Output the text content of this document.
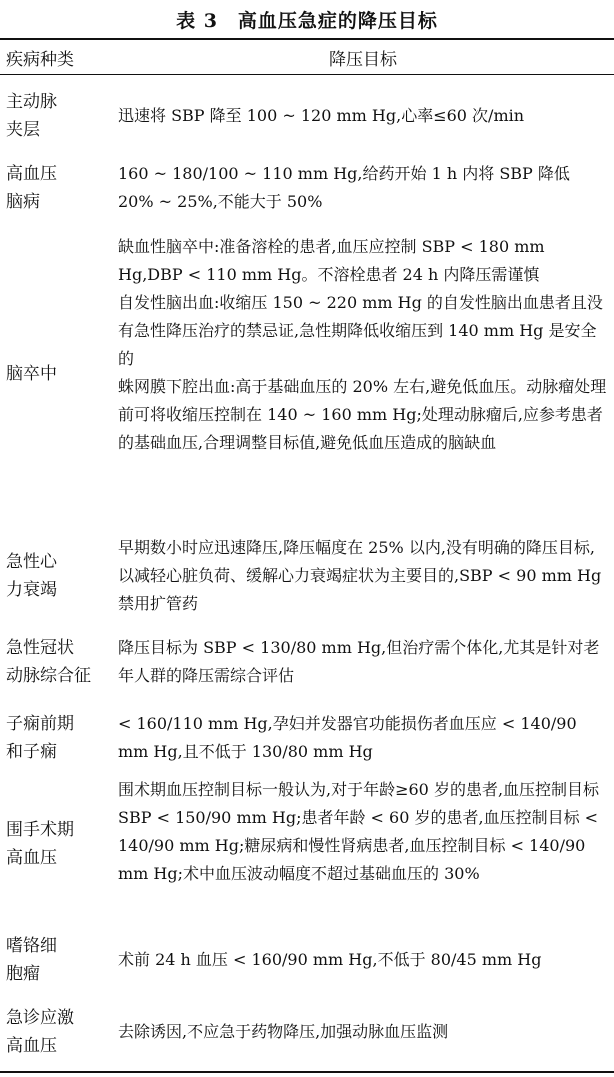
表 3　高血压急症的降压目标
疾病种类	降压目标
主动脉
夹层

迅速将 SBP 降至 100 ~ 120 mm Hg,心率≤60 次/min

高血压
脑病

160 ~ 180/100 ~ 110 mm Hg,给药开始 1 h 内将 SBP 降低 20% ~ 25%,不能大于 50%

脑卒中

缺血性脑卒中:准备溶栓的患者,血压应控制 SBP < 180 mm Hg,DBP < 110 mm Hg。不溶栓患者 24 h 内降压需谨慎

自发性脑出血:收缩压 150 ~ 220 mm Hg 的自发性脑出血患者且没有急性降压治疗的禁忌证,急性期降低收缩压到 140 mm Hg 是安全的

蛛网膜下腔出血:高于基础血压的 20% 左右,避免低血压。动脉瘤处理前可将收缩压控制在 140 ~ 160 mm Hg;处理动脉瘤后,应参考患者的基础血压,合理调整目标值,避免低血压造成的脑缺血

急性心
力衰竭

早期数小时应迅速降压,降压幅度在 25% 以内,没有明确的降压目标,以减轻心脏负荷、缓解心力衰竭症状为主要目的,SBP < 90 mm Hg 禁用扩管药

急性冠状
动脉综合征

降压目标为 SBP < 130/80 mm Hg,但治疗需个体化,尤其是针对老年人群的降压需综合评估

子痫前期
和子痫

< 160/110 mm Hg,孕妇并发器官功能损伤者血压应 < 140/90 mm Hg,且不低于 130/80 mm Hg

围手术期
高血压

围术期血压控制目标一般认为,对于年龄≥60 岁的患者,血压控制目标 SBP < 150/90 mm Hg;患者年龄 < 60 岁的患者,血压控制目标 < 140/90 mm Hg;糖尿病和慢性肾病患者,血压控制目标 < 140/90 mm Hg;术中血压波动幅度不超过基础血压的 30%

嗜铬细
胞瘤

术前 24 h 血压 < 160/90 mm Hg,不低于 80/45 mm Hg

急诊应激
高血压

去除诱因,不应急于药物降压,加强动脉血压监测
